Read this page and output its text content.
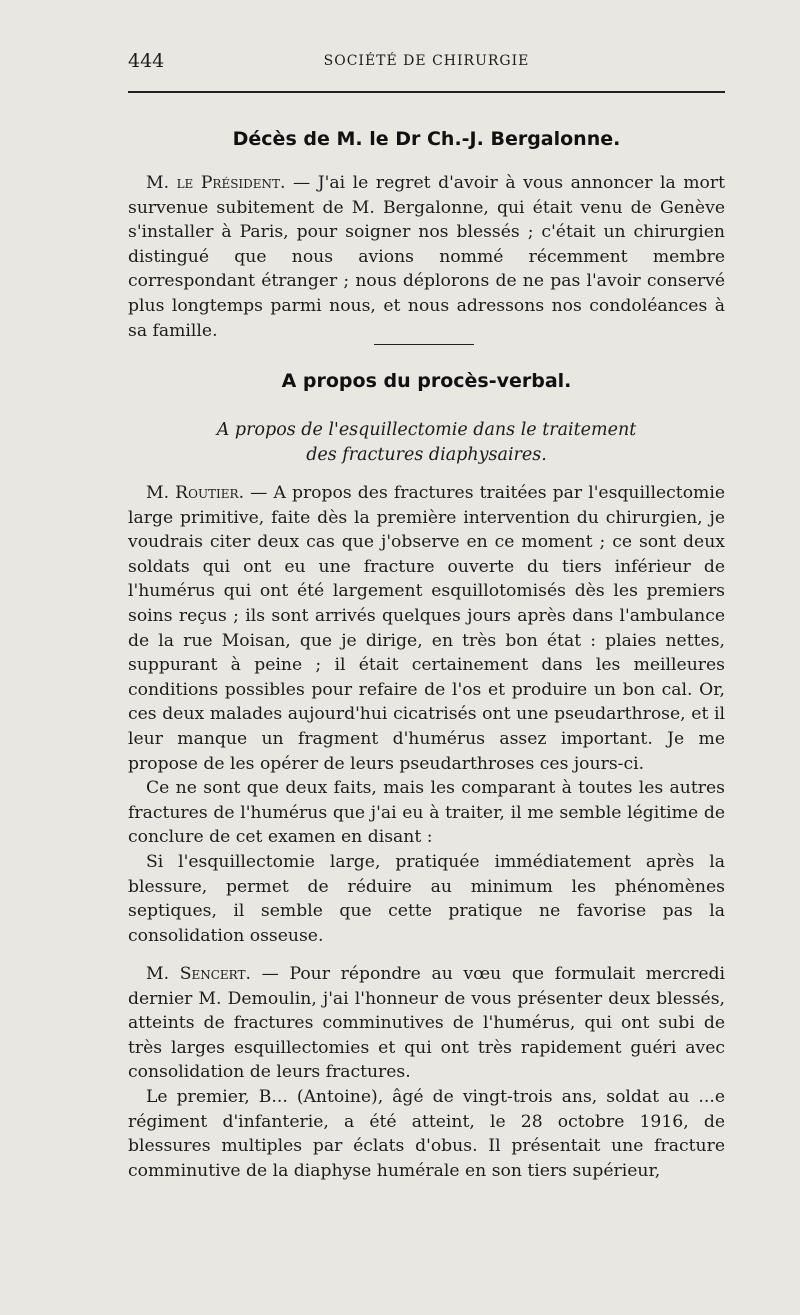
444	SOCIÉTÉ DE CHIRURGIE
Décès de M. le Dr Ch.-J. Bergalonne.

M. le Président. — J'ai le regret d'avoir à vous annoncer la mort survenue subitement de M. Bergalonne, qui était venu de Genève s'installer à Paris, pour soigner nos blessés ; c'était un chirurgien distingué que nous avions nommé récemment membre correspondant étranger ; nous déplorons de ne pas l'avoir conservé plus longtemps parmi nous, et nous adressons nos condoléances à sa famille.

A propos du procès-verbal.
A propos de l'esquillectomie dans le traitement
des fractures diaphysaires.

M. Routier. — A propos des fractures traitées par l'esquillectomie large primitive, faite dès la première intervention du chirurgien, je voudrais citer deux cas que j'observe en ce moment ; ce sont deux soldats qui ont eu une fracture ouverte du tiers inférieur de l'humérus qui ont été largement esquillotomisés dès les premiers soins reçus ; ils sont arrivés quelques jours après dans l'ambulance de la rue Moisan, que je dirige, en très bon état : plaies nettes, suppurant à peine ; il était certainement dans les meilleures conditions possibles pour refaire de l'os et produire un bon cal. Or, ces deux malades aujourd'hui cicatrisés ont une pseudarthrose, et il leur manque un fragment d'humérus assez important. Je me propose de les opérer de leurs pseudarthroses ces jours-ci.

Ce ne sont que deux faits, mais les comparant à toutes les autres fractures de l'humérus que j'ai eu à traiter, il me semble légitime de conclure de cet examen en disant :

Si l'esquillectomie large, pratiquée immédiatement après la blessure, permet de réduire au minimum les phénomènes septiques, il semble que cette pratique ne favorise pas la consolidation osseuse.

M. Sencert. — Pour répondre au vœu que formulait mercredi dernier M. Demoulin, j'ai l'honneur de vous présenter deux blessés, atteints de fractures comminutives de l'humérus, qui ont subi de très larges esquillectomies et qui ont très rapidement guéri avec consolidation de leurs fractures.

Le premier, B... (Antoine), âgé de vingt-trois ans, soldat au ...e régiment d'infanterie, a été atteint, le 28 octobre 1916, de blessures multiples par éclats d'obus. Il présentait une fracture comminutive de la diaphyse humérale en son tiers supérieur,
